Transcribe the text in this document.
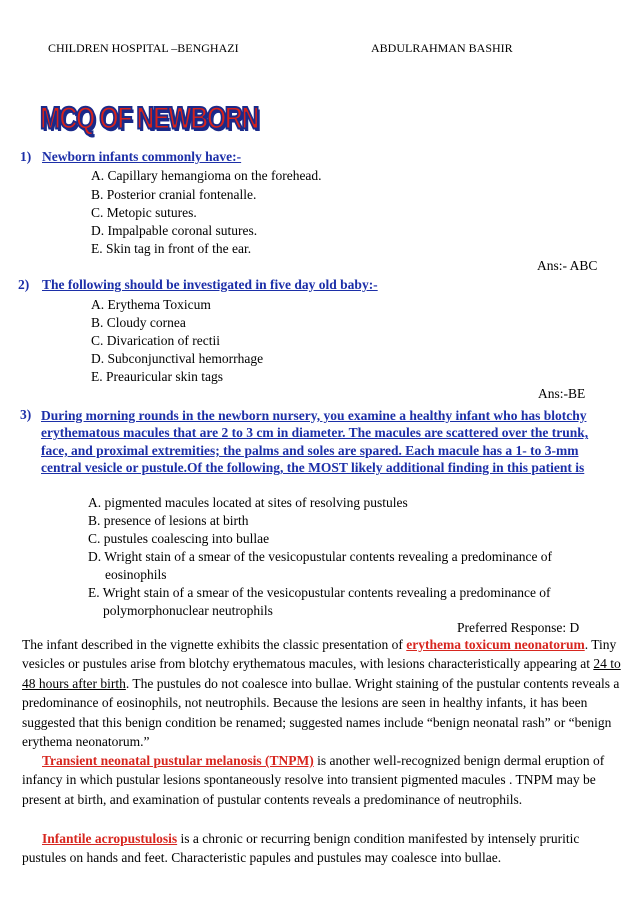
CHILDREN HOSPITAL –BENGHAZI	ABDULRAHMAN BASHIR
MCQ OF NEWBORN
1) Newborn infants commonly have:-
A. Capillary hemangioma on the forehead.
B. Posterior cranial fontenalle.
C. Metopic sutures.
D. Impalpable coronal sutures.
E. Skin tag in front of the ear.
Ans:- ABC
2) The following should be investigated in five day old baby:-
A. Erythema Toxicum
B. Cloudy cornea
C. Divarication of rectii
D. Subconjunctival hemorrhage
E. Preauricular skin tags
Ans:-BE
3) During morning rounds in the newborn nursery, you examine a healthy infant who has blotchy erythematous macules that are 2 to 3 cm in diameter. The macules are scattered over the trunk, face, and proximal extremities; the palms and soles are spared. Each macule has a 1- to 3-mm central vesicle or pustule.Of the following, the MOST likely additional finding in this patient is
A. pigmented macules located at sites of resolving pustules
B. presence of lesions at birth
C. pustules coalescing into bullae
D. Wright stain of a smear of the vesicopustular contents revealing a predominance of
eosinophils
E. Wright stain of a smear of the vesicopustular contents revealing a predominance of
polymorphonuclear neutrophils
Preferred Response: D
The infant described in the vignette exhibits the classic presentation of erythema toxicum neonatorum. Tiny vesicles or pustules arise from blotchy erythematous macules, with lesions characteristically appearing at 24 to 48 hours after birth. The pustules do not coalesce into bullae. Wright staining of the pustular contents reveals a predominance of eosinophils, not neutrophils. Because the lesions are seen in healthy infants, it has been suggested that this benign condition be renamed; suggested names include “benign neonatal rash” or “benign erythema neonatorum.”
Transient neonatal pustular melanosis (TNPM) is another well-recognized benign dermal eruption of infancy in which pustular lesions spontaneously resolve into transient pigmented macules . TNPM may be present at birth, and examination of pustular contents reveals a predominance of neutrophils.
Infantile acropustulosis is a chronic or recurring benign condition manifested by intensely pruritic pustules on hands and feet. Characteristic papules and pustules may coalesce into bullae.
